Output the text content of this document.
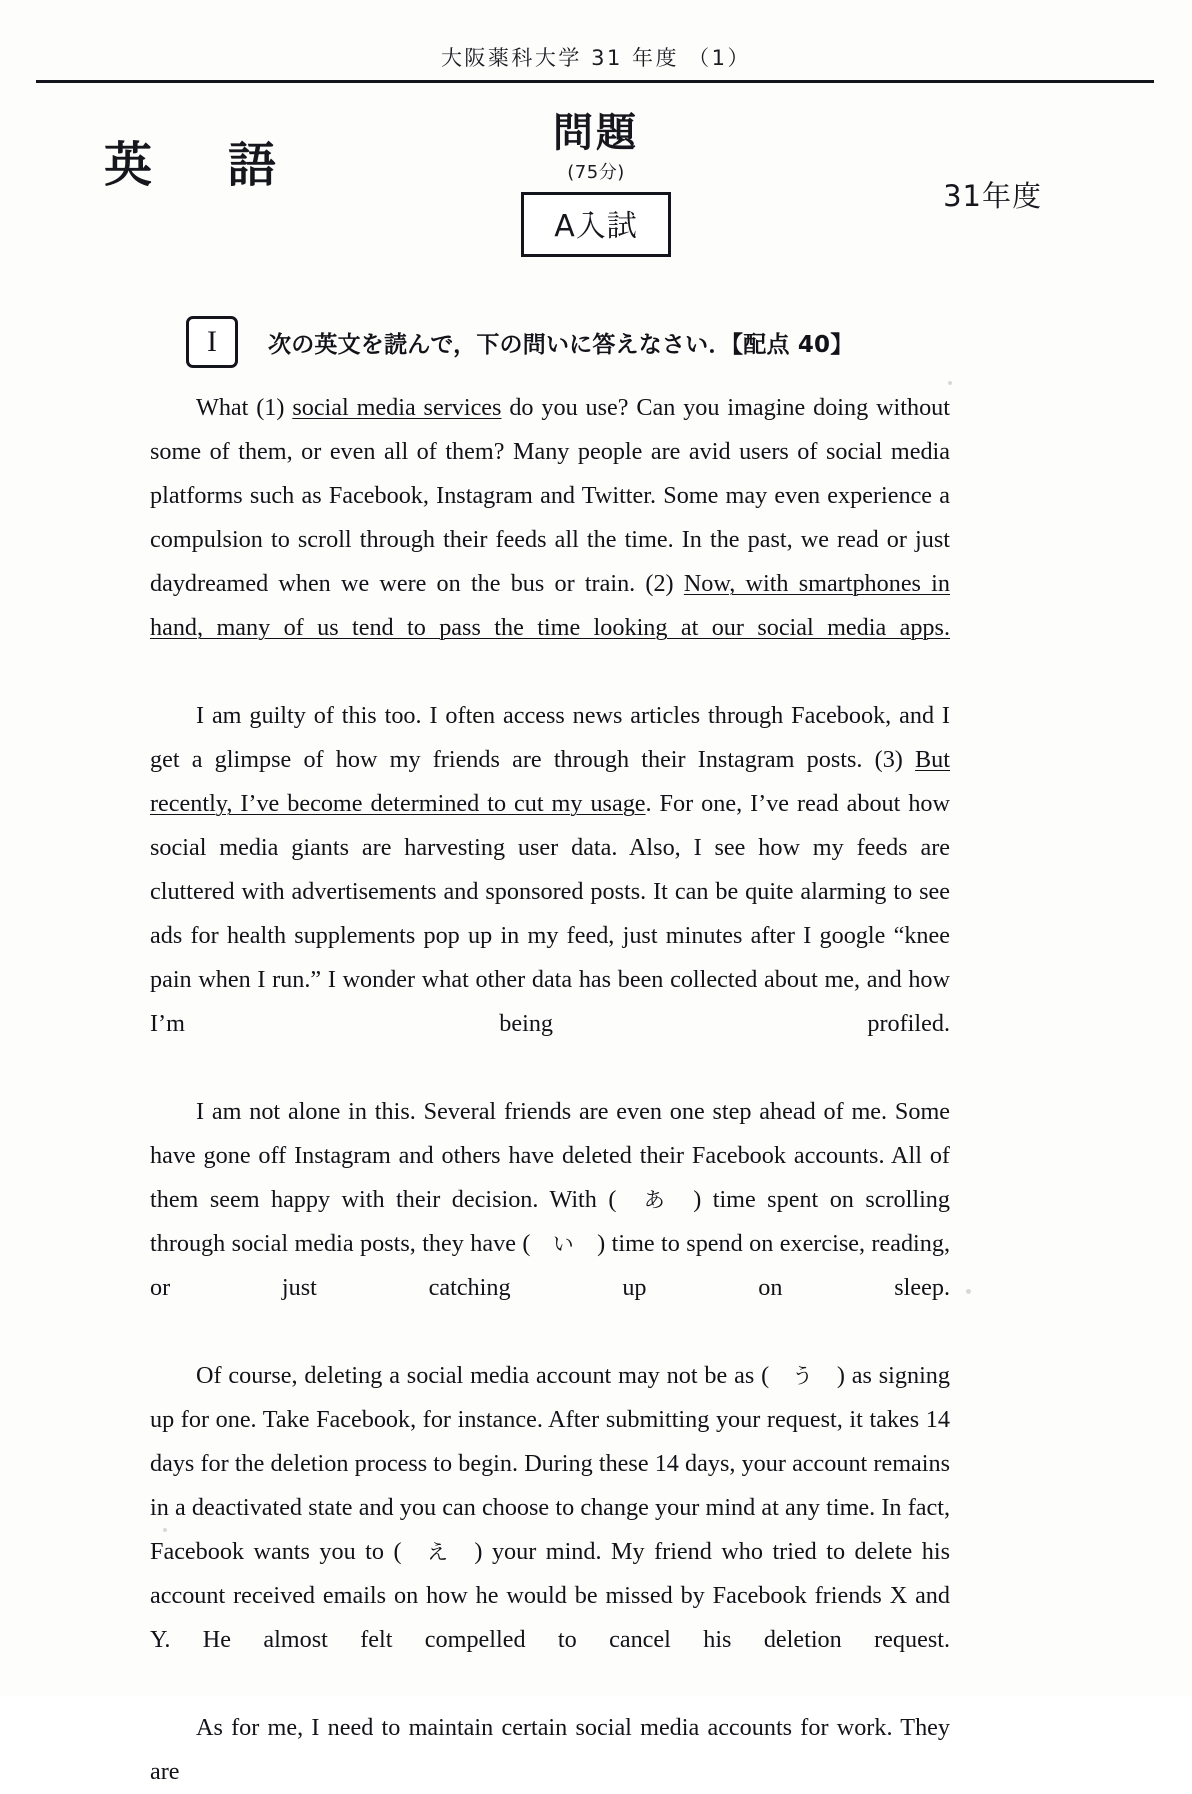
大阪薬科大学 31 年度 （1）
英　語
問題
(75分)
A入試
31年度
I	次の英文を読んで，下の問いに答えなさい．【配点 40】

What (1) social media services do you use? Can you imagine doing without some of them, or even all of them? Many people are avid users of social media platforms such as Facebook, Instagram and Twitter. Some may even experience a compulsion to scroll through their feeds all the time. In the past, we read or just daydreamed when we were on the bus or train. (2) Now, with smartphones in hand, many of us tend to pass the time looking at our social media apps.

I am guilty of this too. I often access news articles through Facebook, and I get a glimpse of how my friends are through their Instagram posts. (3) But recently, I’ve become determined to cut my usage. For one, I’ve read about how social media giants are harvesting user data. Also, I see how my feeds are cluttered with advertisements and sponsored posts. It can be quite alarming to see ads for health supplements pop up in my feed, just minutes after I google “knee pain when I run.” I wonder what other data has been collected about me, and how I’m being profiled.

I am not alone in this. Several friends are even one step ahead of me. Some have gone off Instagram and others have deleted their Facebook accounts. All of them seem happy with their decision. With ( あ ) time spent on scrolling through social media posts, they have ( い ) time to spend on exercise, reading, or just catching up on sleep.

Of course, deleting a social media account may not be as ( う ) as signing up for one. Take Facebook, for instance. After submitting your request, it takes 14 days for the deletion process to begin. During these 14 days, your account remains in a deactivated state and you can choose to change your mind at any time. In fact, Facebook wants you to ( え ) your mind. My friend who tried to delete his account received emails on how he would be missed by Facebook friends X and Y. He almost felt compelled to cancel his deletion request.

As for me, I need to maintain certain social media accounts for work. They are
